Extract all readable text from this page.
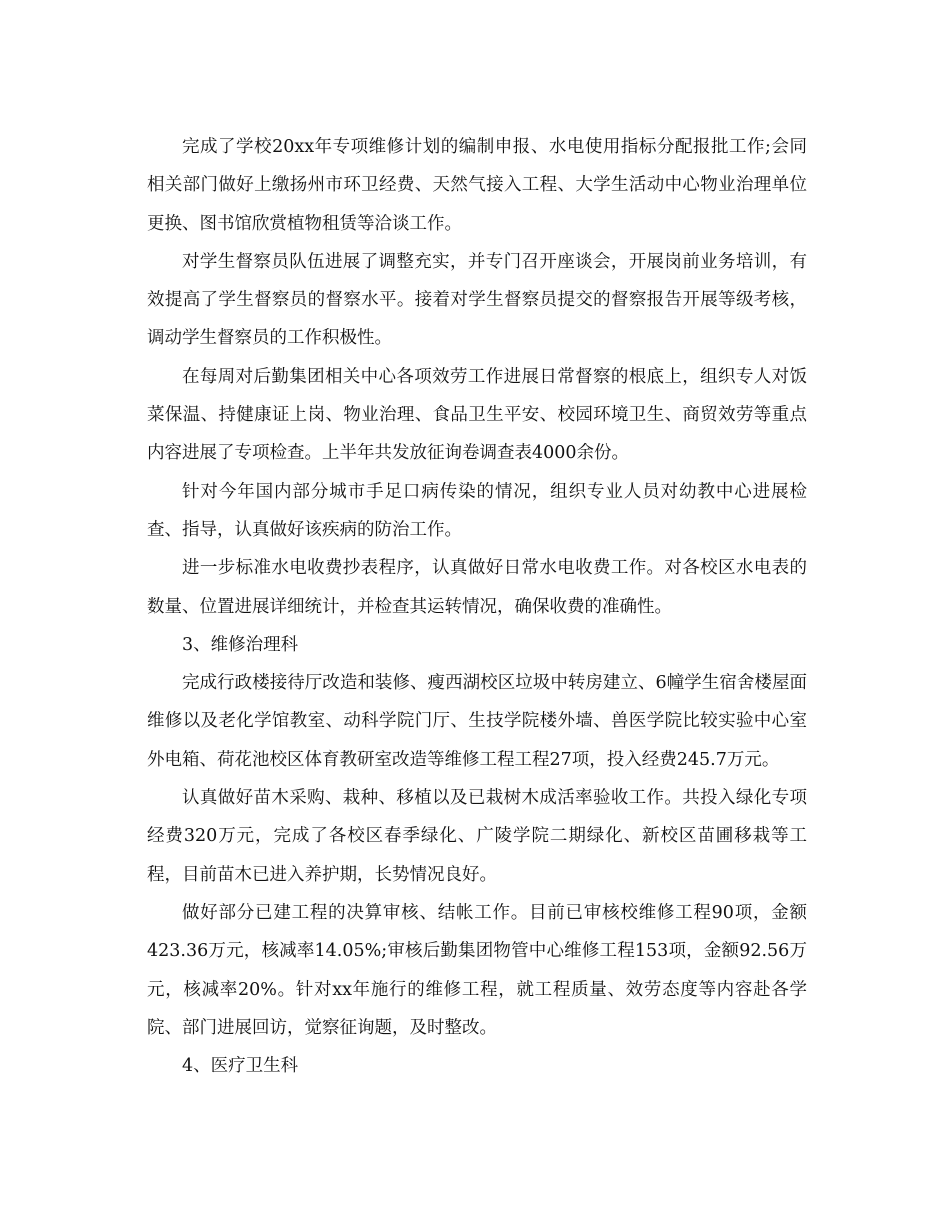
完成了学校20xx年专项维修计划的编制申报、水电使用指标分配报批工作;会同相关部门做好上缴扬州市环卫经费、天然气接入工程、大学生活动中心物业治理单位更换、图书馆欣赏植物租赁等洽谈工作。

对学生督察员队伍进展了调整充实，并专门召开座谈会，开展岗前业务培训，有效提高了学生督察员的督察水平。接着对学生督察员提交的督察报告开展等级考核，调动学生督察员的工作积极性。

在每周对后勤集团相关中心各项效劳工作进展日常督察的根底上，组织专人对饭菜保温、持健康证上岗、物业治理、食品卫生平安、校园环境卫生、商贸效劳等重点内容进展了专项检查。上半年共发放征询卷调查表4000余份。

针对今年国内部分城市手足口病传染的情况，组织专业人员对幼教中心进展检查、指导，认真做好该疾病的防治工作。

进一步标准水电收费抄表程序，认真做好日常水电收费工作。对各校区水电表的数量、位置进展详细统计，并检查其运转情况，确保收费的准确性。

3、维修治理科

完成行政楼接待厅改造和装修、瘦西湖校区垃圾中转房建立、6幢学生宿舍楼屋面维修以及老化学馆教室、动科学院门厅、生技学院楼外墙、兽医学院比较实验中心室外电箱、荷花池校区体育教研室改造等维修工程工程27项，投入经费245.7万元。

认真做好苗木采购、栽种、移植以及已栽树木成活率验收工作。共投入绿化专项经费320万元，完成了各校区春季绿化、广陵学院二期绿化、新校区苗圃移栽等工程，目前苗木已进入养护期，长势情况良好。

做好部分已建工程的决算审核、结帐工作。目前已审核校维修工程90项，金额423.36万元，核减率14.05%;审核后勤集团物管中心维修工程153项，金额92.56万元，核减率20%。针对xx年施行的维修工程，就工程质量、效劳态度等内容赴各学院、部门进展回访，觉察征询题，及时整改。

4、医疗卫生科
